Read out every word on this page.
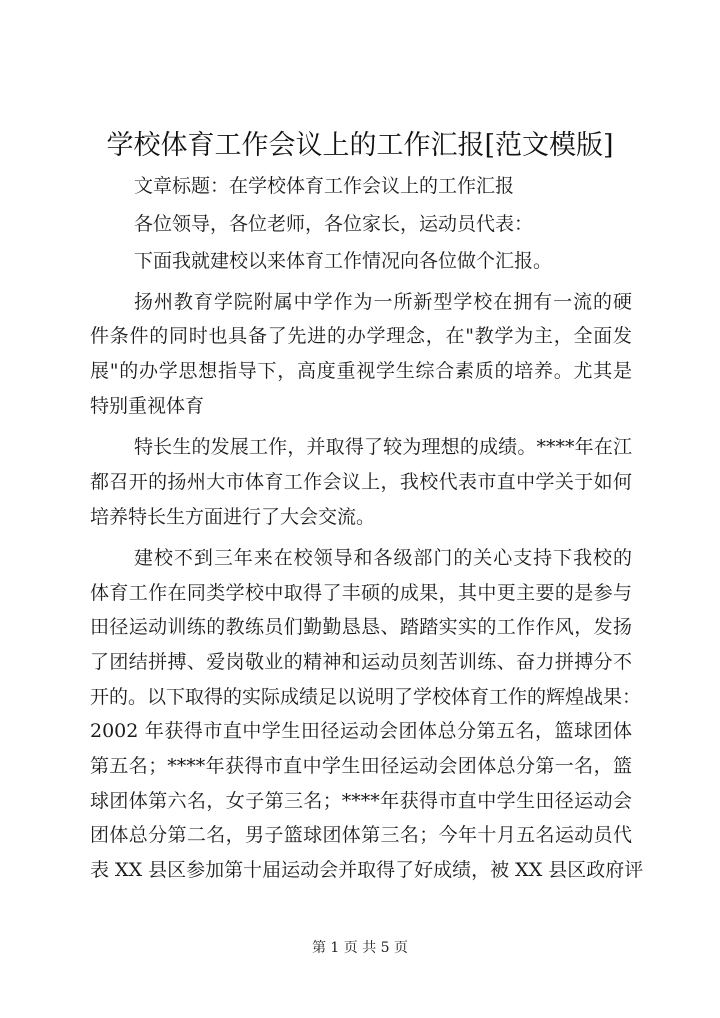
学校体育工作会议上的工作汇报[范文模版]
文章标题：在学校体育工作会议上的工作汇报
各位领导，各位老师，各位家长，运动员代表：
下面我就建校以来体育工作情况向各位做个汇报。
扬州教育学院附属中学作为一所新型学校在拥有一流的硬
件条件的同时也具备了先进的办学理念，在"教学为主，全面发
展"的办学思想指导下，高度重视学生综合素质的培养。尤其是
特别重视体育
特长生的发展工作，并取得了较为理想的成绩。****年在江
都召开的扬州大市体育工作会议上，我校代表市直中学关于如何
培养特长生方面进行了大会交流。
建校不到三年来在校领导和各级部门的关心支持下我校的
体育工作在同类学校中取得了丰硕的成果，其中更主要的是参与
田径运动训练的教练员们勤勤恳恳、踏踏实实的工作作风，发扬
了团结拼搏、爱岗敬业的精神和运动员刻苦训练、奋力拼搏分不
开的。以下取得的实际成绩足以说明了学校体育工作的辉煌战果：
2002 年获得市直中学生田径运动会团体总分第五名，篮球团体
第五名；****年获得市直中学生田径运动会团体总分第一名，篮
球团体第六名，女子第三名；****年获得市直中学生田径运动会
团体总分第二名，男子篮球团体第三名；今年十月五名运动员代
表 XX 县区参加第十届运动会并取得了好成绩，被 XX 县区政府评
第 1 页 共 5 页
